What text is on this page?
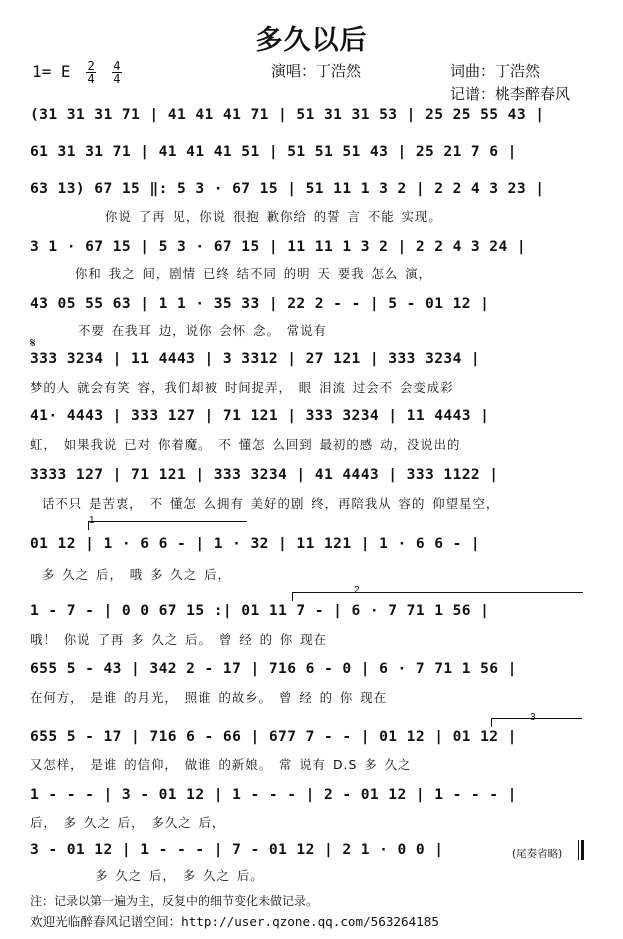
多久以后
1= E $\frac{2}{4}$
$\frac{4}{4}$	演唱：丁浩然	词曲：丁浩然
记谱：桃李醉春风
(31 31 31 71 | 41 41 41 71 | 51 31 31 53 | 25 25 55 43 |
61 31 31 71 | 41 41 41 51 | 51 51 51 43 | 25 21 7 6 |
63 13) 67 15 ‖: 5 3 · 67 15 | 51 11 1 3 2 | 2 2 4 3 23 |
你说 了再 见，你说 很抱 歉你给 的誓 言 不能 实现。
3 1 · 67 15 | 5 3 · 67 15 | 11 11 1 3 2 | 2 2 4 3 24 |
你和 我之 间，剧情 已终 结不同 的明 天 要我 怎么 演，
43 05 55 63 | 1 1 · 35 33 | 22 2 - - | 5 - 01 12 |
不要 在我耳 边，说你 会怀 念。 常说有
𝄋
333 3234 | 11 4443 | 3 3312 | 27 121 | 333 3234 |
梦的人 就会有笑 容，我们却被 时间捉弄， 眼 泪流 过会不 会变成彩
41· 4443 | 333 127 | 71 121 | 333 3234 | 11 4443 |
虹， 如果我说 已对 你着魔。 不 懂怎 么回到 最初的感 动，没说出的
3333 127 | 71 121 | 333 3234 | 41 4443 | 333 1122 |
话不只 是苦衷， 不 懂怎 么拥有 美好的剧 终，再陪我从 容的 仰望星空，
1
01 12 | 1 · 6 6 - | 1 · 32 | 11 121 | 1 · 6 6 - |
多 久之 后， 哦 多 久之 后，
2
1 - 7 - | 0 0 67 15 :| 01 11 7 - | 6 · 7 71 1 56 |
哦！ 你说 了再 多 久之 后。 曾 经 的 你 现在
655 5 - 43 | 342 2 - 17 | 716 6 - 0 | 6 · 7 71 1 56 |
在何方， 是谁 的月光， 照谁 的故乡。 曾 经 的 你 现在
3
655 5 - 17 | 716 6 - 66 | 677 7 - - | 01 12 | 01 12 |
又怎样， 是谁 的信仰， 做谁 的新娘。 常 说有 D.S 多 久之
1 - - - | 3 - 01 12 | 1 - - - | 2 - 01 12 | 1 - - - |
后， 多 久之 后， 多久之 后，
3 - 01 12 | 1 - - - | 7 - 01 12 | 2 1 · 0 0 |	(尾奏省略)
多 久之 后， 多 久之 后。
注：记录以第一遍为主，反复中的细节变化未做记录。
欢迎光临醉春风记谱空间：http://user.qzone.qq.com/563264185
